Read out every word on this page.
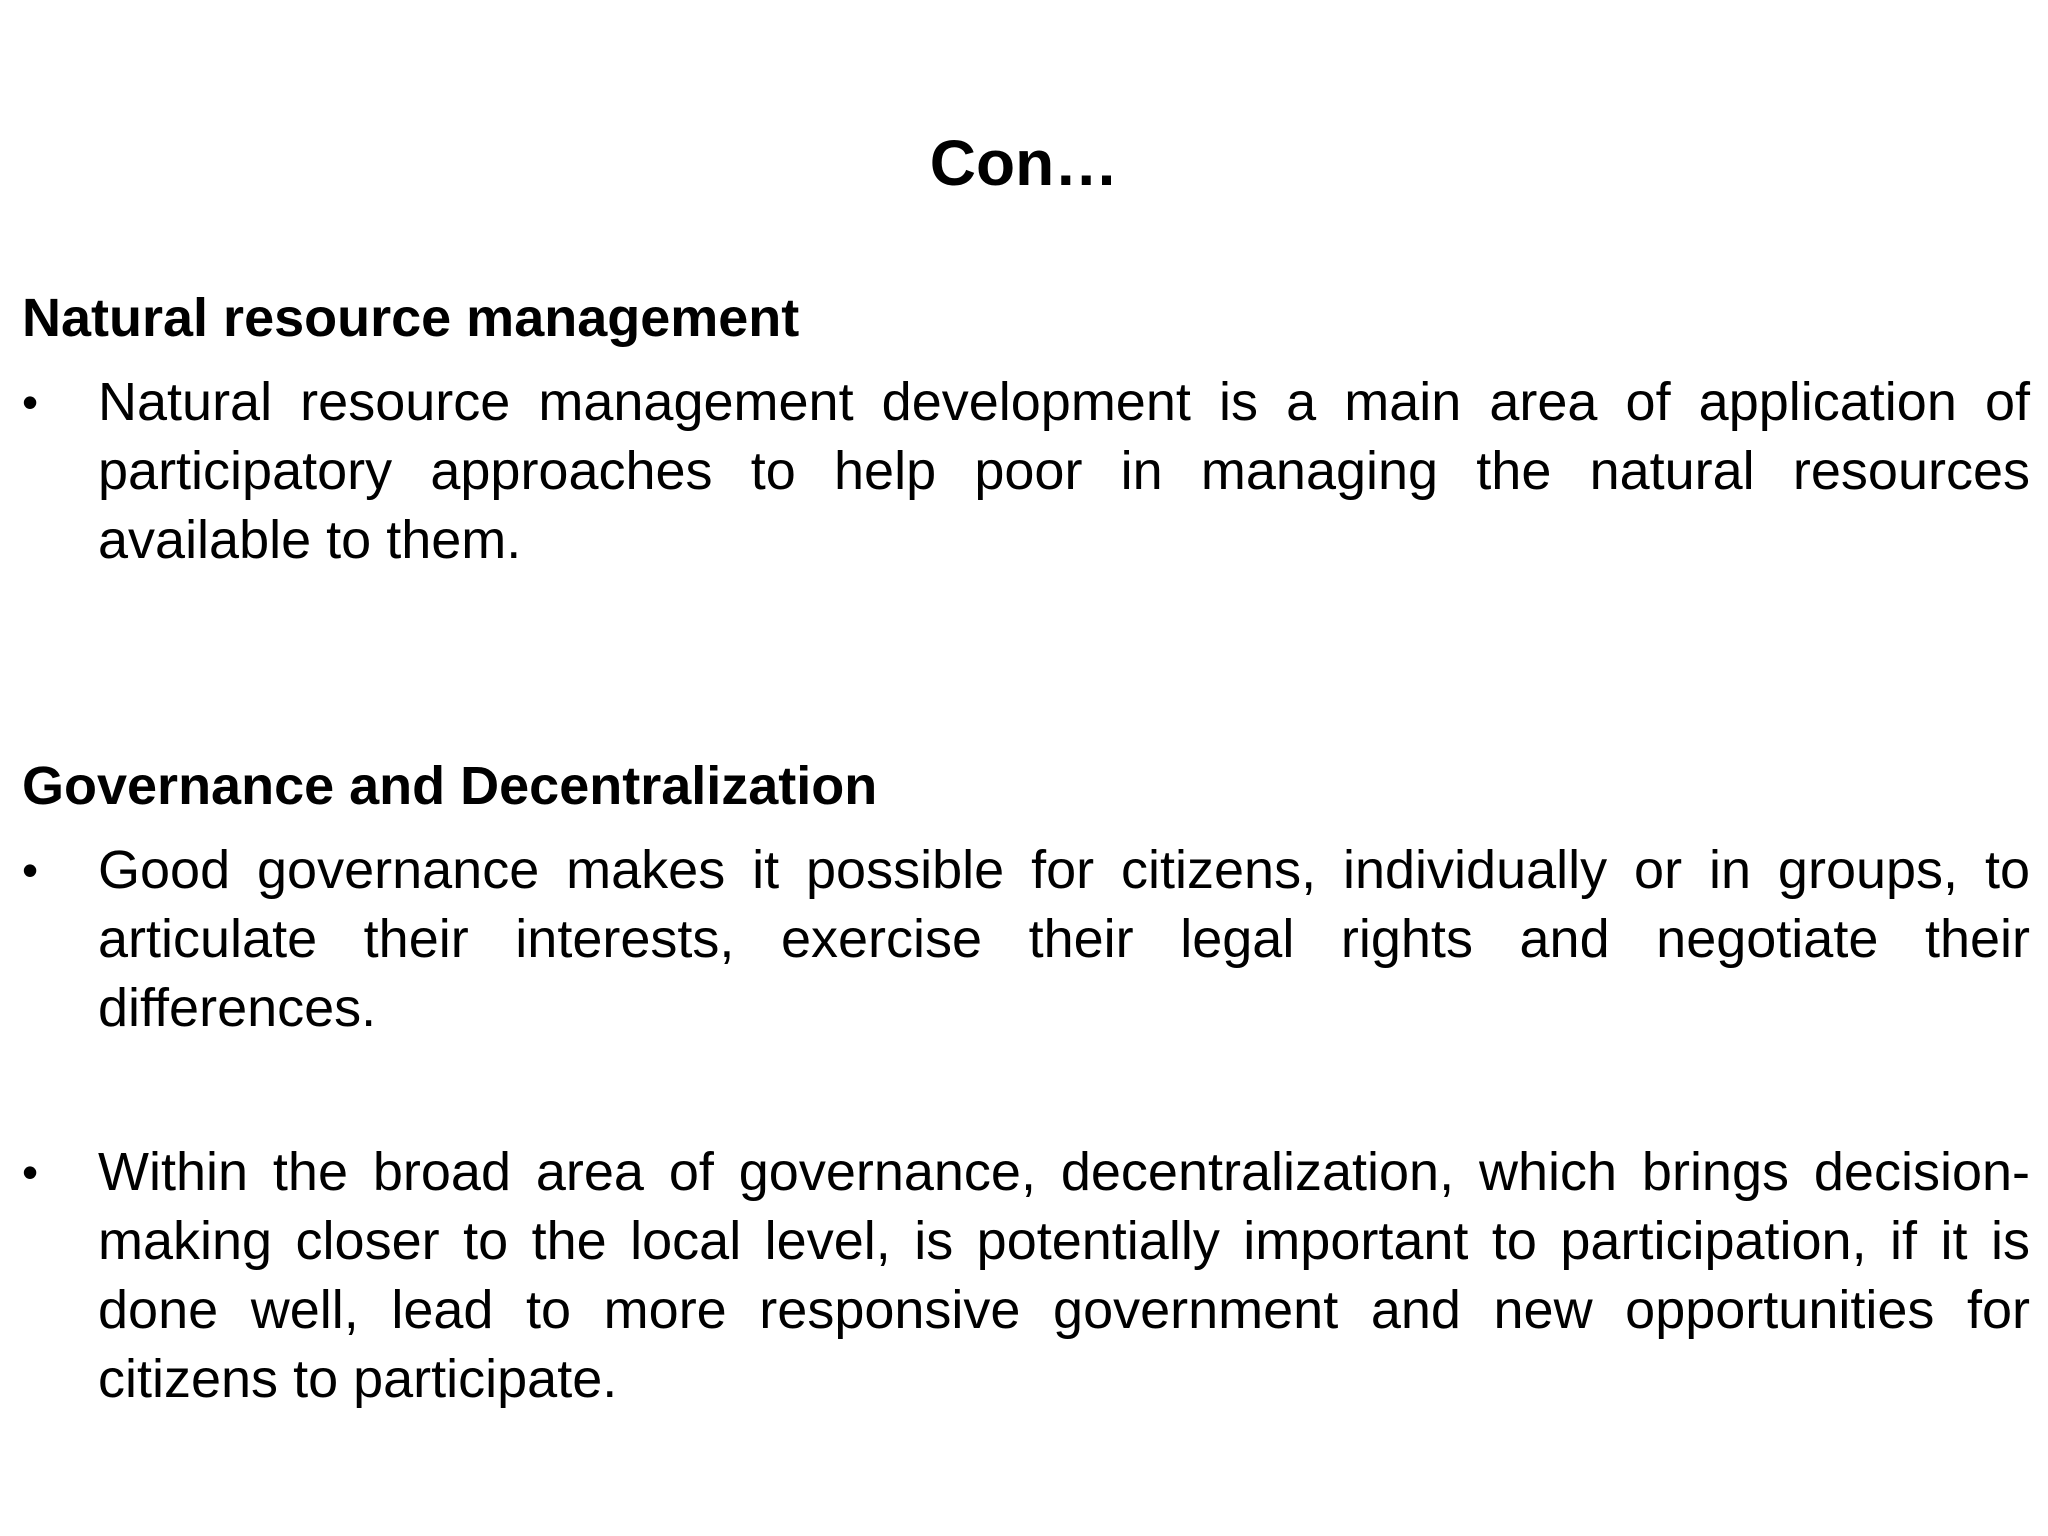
Con…
Natural resource management
• Natural resource management development is a main area of application of participatory approaches to help poor in managing the natural resources available to them.
Governance and Decentralization
• Good governance makes it possible for citizens, individually or in groups, to articulate their interests, exercise their legal rights and negotiate their differences.
• Within the broad area of governance, decentralization, which brings decision-making closer to the local level, is potentially important to participation, if it is done well, lead to more responsive government and new opportunities for citizens to participate.
